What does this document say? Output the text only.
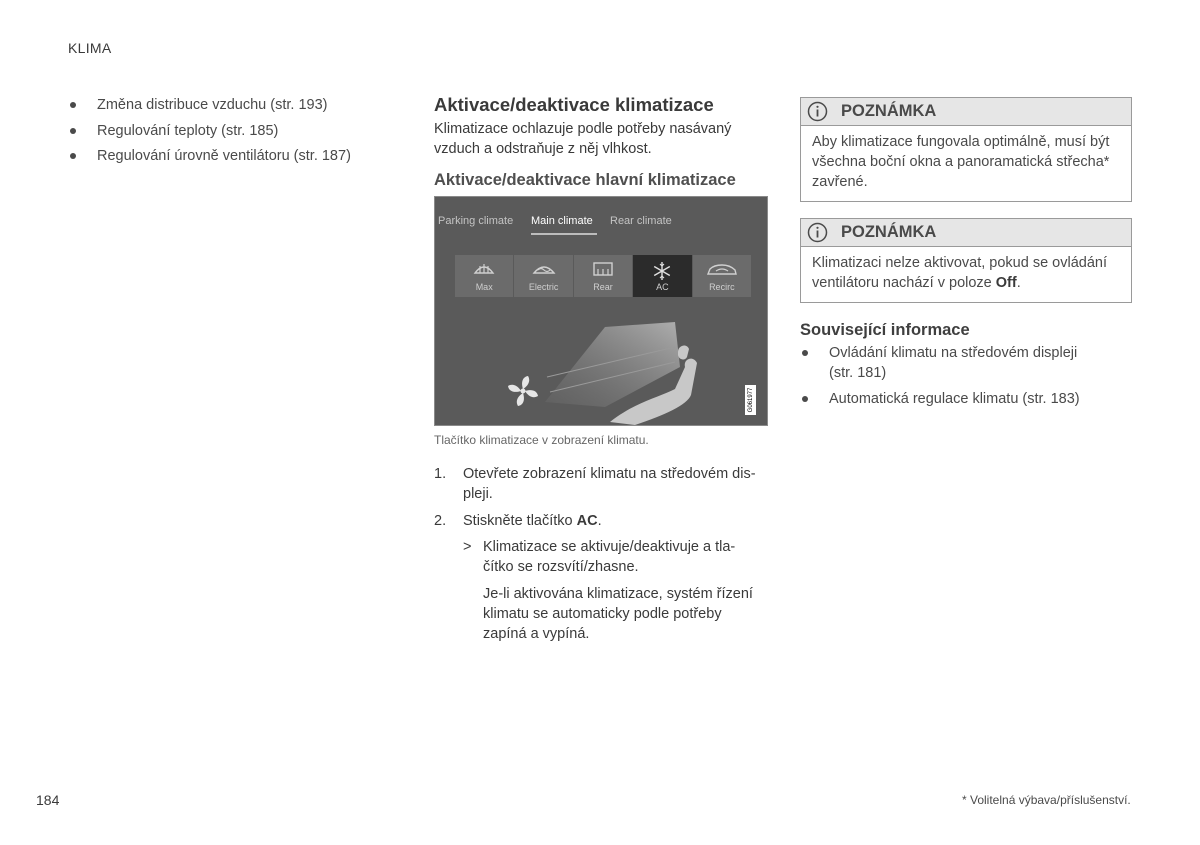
KLIMA
Změna distribuce vzduchu (str. 193)
Regulování teploty (str. 185)
Regulování úrovně ventilátoru (str. 187)
Aktivace/deaktivace klimatizace

Klimatizace ochlazuje podle potřeby nasávaný
vzduch a odstraňuje z něj vlhkost.

Aktivace/deaktivace hlavní klimatizace
Parking climate Main climate Rear climate
Max	Electric	Rear	AC	Recirc
G061977
Tlačítko klimatizace v zobrazení klimatu.
1. Otevřete zobrazení klimatu na středovém dis-
pleji.
2. Stiskněte tlačítko AC.
> Klimatizace se aktivuje/deaktivuje a tla-
čítko se rozsvítí/zhasne.

Je-li aktivována klimatizace, systém řízení
klimatu se automaticky podle potřeby
zapíná a vypíná.

POZNÁMKA
Aby klimatizace fungovala optimálně, musí být
všechna boční okna a panoramatická střecha*
zavřené.
POZNÁMKA
Klimatizaci nelze aktivovat, pokud se ovládání
ventilátoru nachází v poloze Off.
Související informace
Ovládání klimatu na středovém displeji
(str. 181)
Automatická regulace klimatu (str. 183)
184	* Volitelná výbava/příslušenství.
